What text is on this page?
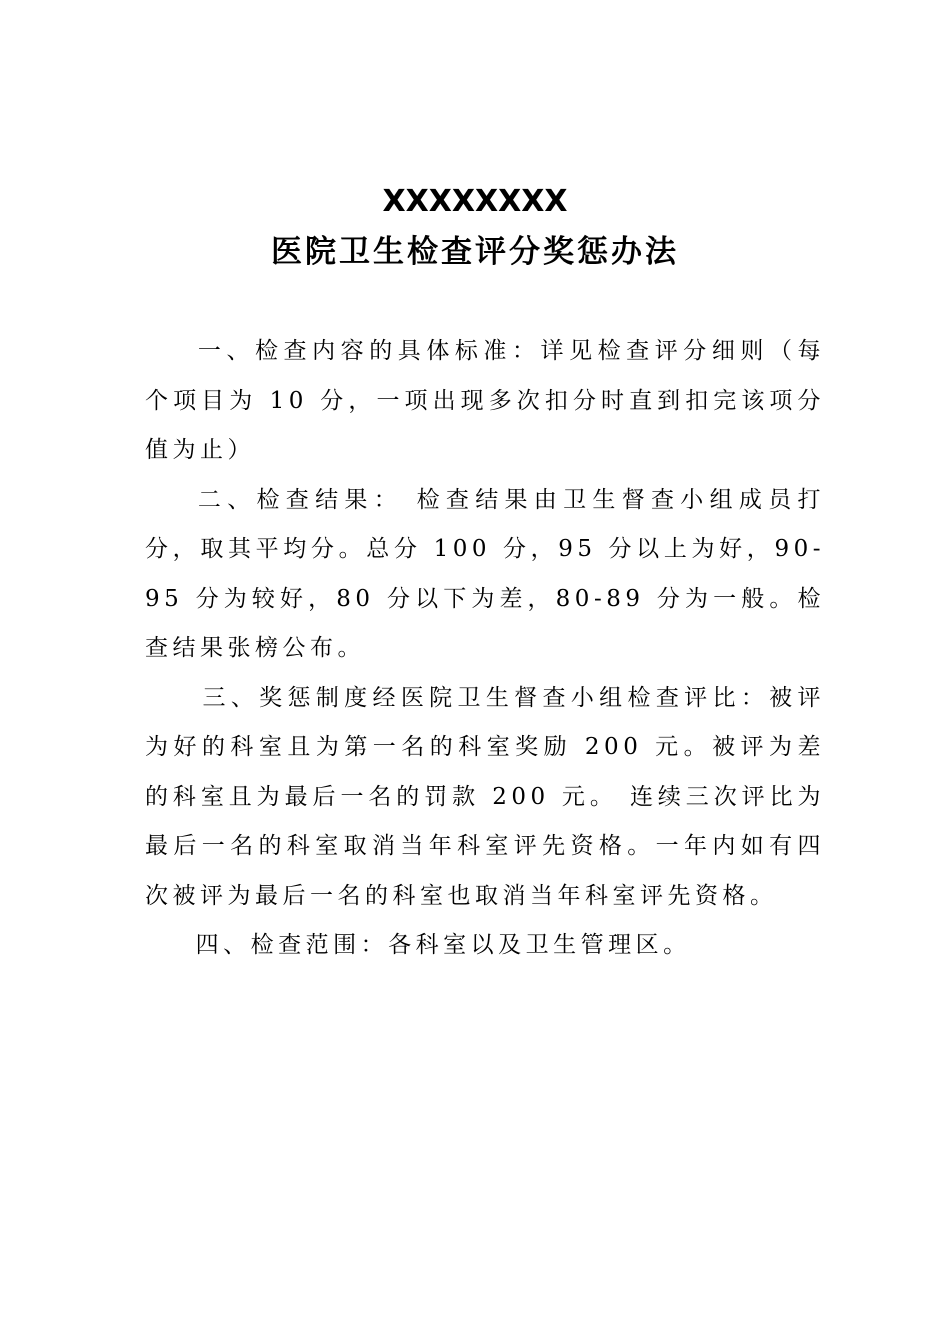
XXXXXXXX
医院卫生检查评分奖惩办法

一、检查内容的具体标准：详见检查评分细则（每个项目为 10 分，一项出现多次扣分时直到扣完该项分值为止）

二、检查结果： 检查结果由卫生督查小组成员打分，取其平均分。总分 100 分，95 分以上为好，90-95 分为较好，80 分以下为差，80-89 分为一般。检查结果张榜公布。

三、奖惩制度经医院卫生督查小组检查评比：被评为好的科室且为第一名的科室奖励 200 元。被评为差的科室且为最后一名的罚款 200 元。 连续三次评比为最后一名的科室取消当年科室评先资格。一年内如有四次被评为最后一名的科室也取消当年科室评先资格。

四、检查范围：各科室以及卫生管理区。
